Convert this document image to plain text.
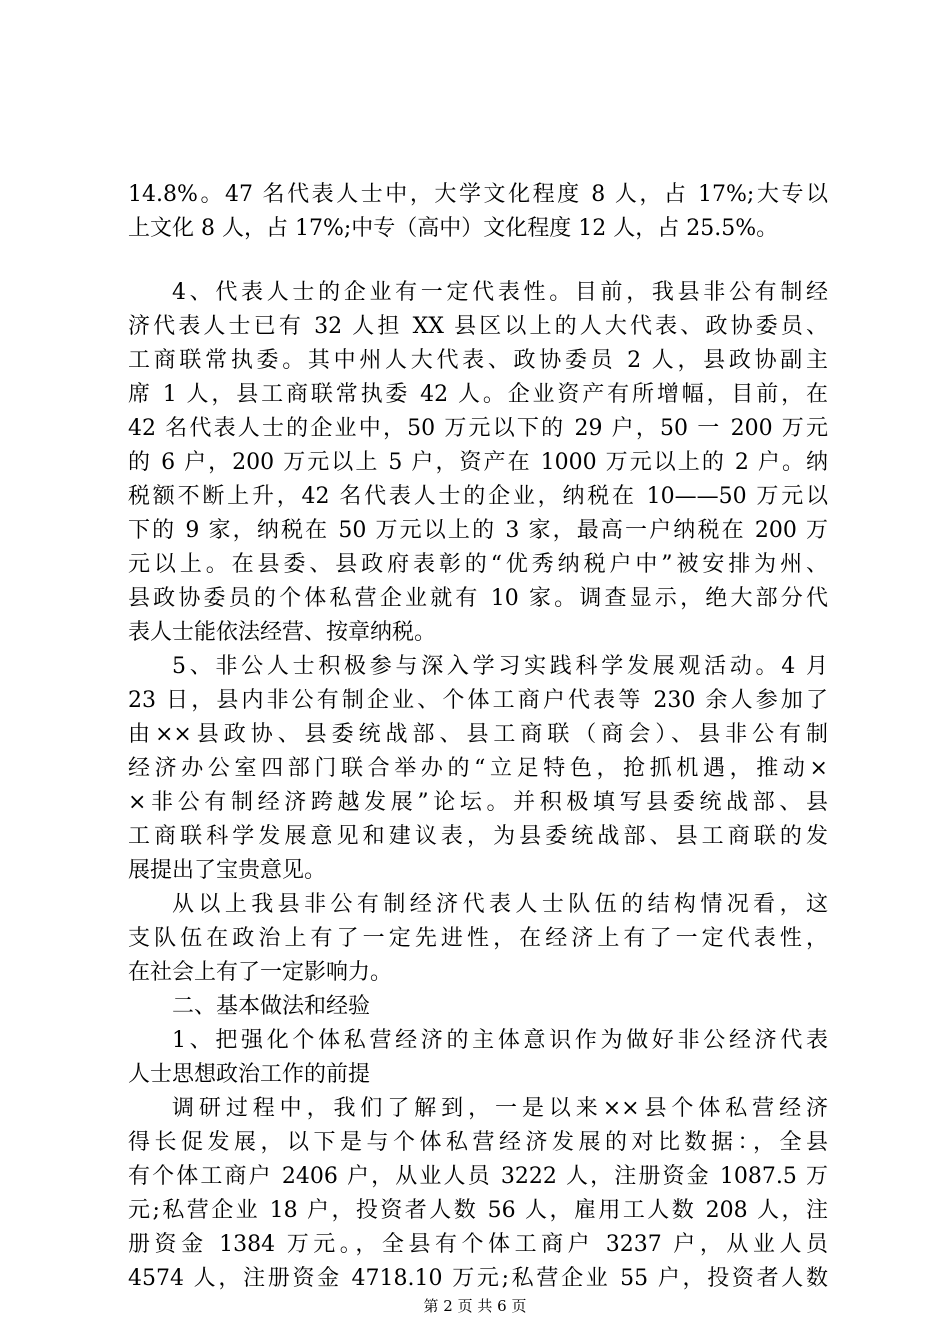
14.8%。47 名代表人士中，大学文化程度 8 人，占 17%;大专以
上文化 8 人，占 17%;中专（高中）文化程度 12 人，占 25.5%。
4、代表人士的企业有一定代表性。目前，我县非公有制经
济代表人士已有 32 人担 XX 县区以上的人大代表、政协委员、
工商联常执委。其中州人大代表、政协委员 2 人，县政协副主
席 1 人，县工商联常执委 42 人。企业资产有所增幅，目前，在
42 名代表人士的企业中，50 万元以下的 29 户，50 一 200 万元
的 6 户，200 万元以上 5 户，资产在 1000 万元以上的 2 户。纳
税额不断上升，42 名代表人士的企业，纳税在 10——50 万元以
下的 9 家，纳税在 50 万元以上的 3 家，最高一户纳税在 200 万
元以上。在县委、县政府表彰的“优秀纳税户中”被安排为州、
县政协委员的个体私营企业就有 10 家。调查显示，绝大部分代
表人士能依法经营、按章纳税。
5、非公人士积极参与深入学习实践科学发展观活动。4 月
23 日，县内非公有制企业、个体工商户代表等 230 余人参加了
由××县政协、县委统战部、县工商联（商会）、县非公有制
经济办公室四部门联合举办的“立足特色，抢抓机遇，推动×
×非公有制经济跨越发展”论坛。并积极填写县委统战部、县
工商联科学发展意见和建议表，为县委统战部、县工商联的发
展提出了宝贵意见。
从以上我县非公有制经济代表人士队伍的结构情况看，这
支队伍在政治上有了一定先进性，在经济上有了一定代表性，
在社会上有了一定影响力。
二、基本做法和经验
1、把强化个体私营经济的主体意识作为做好非公经济代表
人士思想政治工作的前提
调研过程中，我们了解到，一是以来××县个体私营经济
得长促发展，以下是与个体私营经济发展的对比数据：，全县
有个体工商户 2406 户，从业人员 3222 人，注册资金 1087.5 万
元;私营企业 18 户，投资者人数 56 人，雇用工人数 208 人，注
册资金 1384 万元。，全县有个体工商户 3237 户，从业人员
4574 人，注册资金 4718.10 万元;私营企业 55 户，投资者人数
第 2 页 共 6 页
